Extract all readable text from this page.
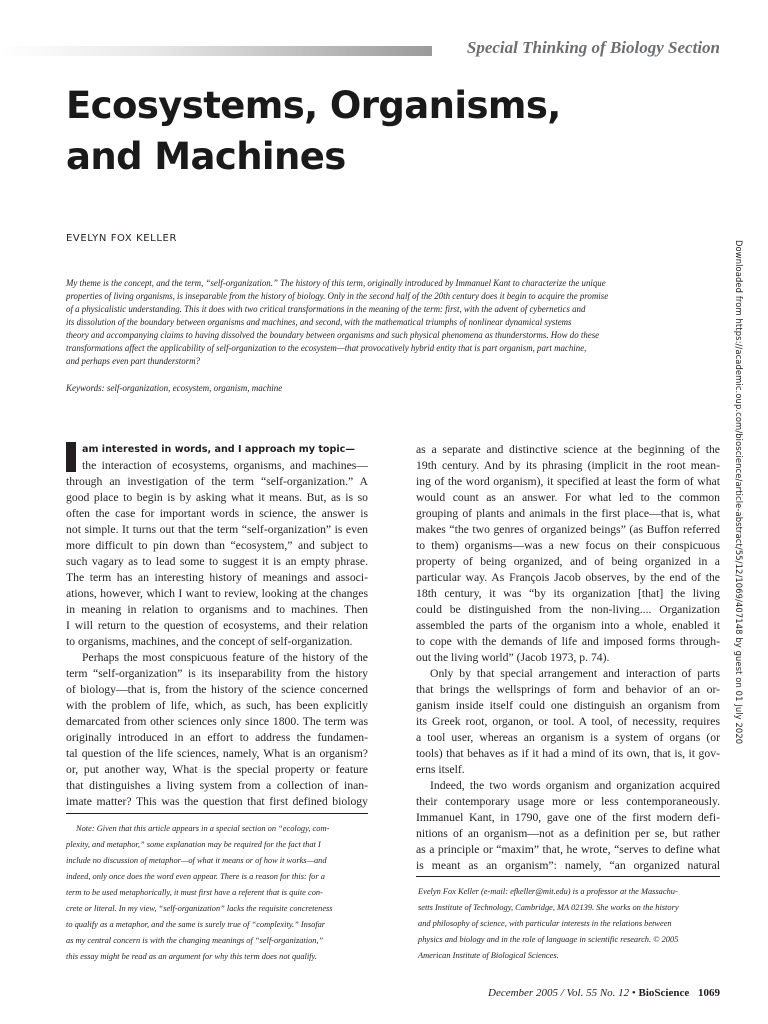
Special Thinking of Biology Section
Ecosystems, Organisms,
and Machines
EVELYN FOX KELLER
My theme is the concept, and the term, “self-organization.” The history of this term, originally introduced by Immanuel Kant to characterize the unique
properties of living organisms, is inseparable from the history of biology. Only in the second half of the 20th century does it begin to acquire the promise
of a physicalistic understanding. This it does with two critical transformations in the meaning of the term: first, with the advent of cybernetics and
its dissolution of the boundary between organisms and machines, and second, with the mathematical triumphs of nonlinear dynamical systems
theory and accompanying claims to having dissolved the boundary between organisms and such physical phenomena as thunderstorms. How do these
transformations affect the applicability of self-organization to the ecosystem—that provocatively hybrid entity that is part organism, part machine,
and perhaps even part thunderstorm?
Keywords: self-organization, ecosystem, organism, machine
am interested in words, and I approach my topic—
the interaction of ecosystems, organisms, and machines—
through an investigation of the term “self-organization.” A
good place to begin is by asking what it means. But, as is so
often the case for important words in science, the answer is
not simple. It turns out that the term “self-organization” is even
more difficult to pin down than “ecosystem,” and subject to
such vagary as to lead some to suggest it is an empty phrase.
The term has an interesting history of meanings and associ-
ations, however, which I want to review, looking at the changes
in meaning in relation to organisms and to machines. Then
I will return to the question of ecosystems, and their relation
to organisms, machines, and the concept of self-organization.
Perhaps the most conspicuous feature of the history of the
term “self-organization” is its inseparability from the history
of biology—that is, from the history of the science concerned
with the problem of life, which, as such, has been explicitly
demarcated from other sciences only since 1800. The term was
originally introduced in an effort to address the fundamen-
tal question of the life sciences, namely, What is an organism?
or, put another way, What is the special property or feature
that distinguishes a living system from a collection of inan-
imate matter? This was the question that first defined biology
as a separate and distinctive science at the beginning of the
19th century. And by its phrasing (implicit in the root mean-
ing of the word organism), it specified at least the form of what
would count as an answer. For what led to the common
grouping of plants and animals in the first place—that is, what
makes “the two genres of organized beings” (as Buffon referred
to them) organisms—was a new focus on their conspicuous
property of being organized, and of being organized in a
particular way. As François Jacob observes, by the end of the
18th century, it was “by its organization [that] the living
could be distinguished from the non-living.... Organization
assembled the parts of the organism into a whole, enabled it
to cope with the demands of life and imposed forms through-
out the living world” (Jacob 1973, p. 74).
Only by that special arrangement and interaction of parts
that brings the wellsprings of form and behavior of an or-
ganism inside itself could one distinguish an organism from
its Greek root, organon, or tool. A tool, of necessity, requires
a tool user, whereas an organism is a system of organs (or
tools) that behaves as if it had a mind of its own, that is, it gov-
erns itself.
Indeed, the two words organism and organization acquired
their contemporary usage more or less contemporaneously.
Immanuel Kant, in 1790, gave one of the first modern defi-
nitions of an organism—not as a definition per se, but rather
as a principle or “maxim” that, he wrote, “serves to define what
is meant as an organism”: namely, “an organized natural
Note: Given that this article appears in a special section on “ecology, com-
plexity, and metaphor,” some explanation may be required for the fact that I
include no discussion of metaphor—of what it means or of how it works—and
indeed, only once does the word even appear. There is a reason for this: for a
term to be used metaphorically, it must first have a referent that is quite con-
crete or literal. In my view, “self-organization” lacks the requisite concreteness
to qualify as a metaphor, and the same is surely true of “complexity.” Insofar
as my central concern is with the changing meanings of “self-organization,”
this essay might be read as an argument for why this term does not qualify.
Evelyn Fox Keller (e-mail: efkeller@mit.edu) is a professor at the Massachu-
setts Institute of Technology, Cambridge, MA 02139. She works on the history
and philosophy of science, with particular interests in the relations between
physics and biology and in the role of language in scientific research. © 2005
American Institute of Biological Sciences.
Downloaded from https://academic.oup.com/bioscience/article-abstract/55/12/1069/407148 by guest on 01 July 2020
December 2005 / Vol. 55 No. 12 • BioScience 1069
